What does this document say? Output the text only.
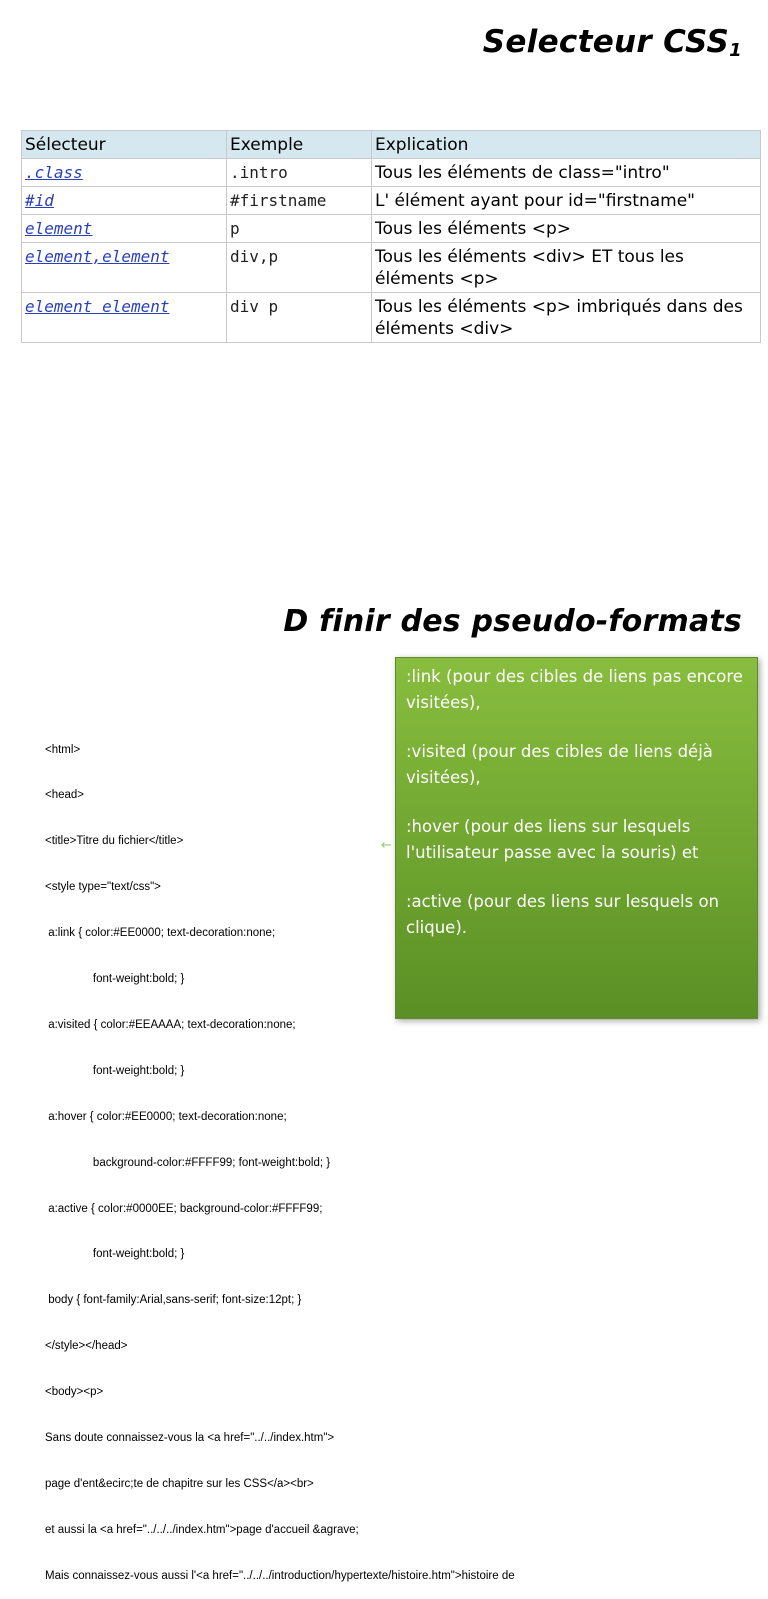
Selecteur $CSS_1$
Sélecteur	Exemple	Explication
.class	.intro	Tous les éléments de class="intro"
#id	#firstname	L' élément ayant pour id="firstname"
element	p	Tous les éléments <p>
element,element	div,p	Tous les éléments <div> ET tous les éléments <p>
element element	div p	Tous les éléments <p> imbriqués dans des éléments <div>
D finir des pseudo-formats

<html>

<head>

<title>Titre du fichier</title>

<style type="text/css">

a:link { color:#EE0000; text-decoration:none;

font-weight:bold; }

a:visited { color:#EEAAAA; text-decoration:none;

font-weight:bold; }

a:hover { color:#EE0000; text-decoration:none;

background-color:#FFFF99; font-weight:bold; }

a:active { color:#0000EE; background-color:#FFFF99;

font-weight:bold; }

body { font-family:Arial,sans-serif; font-size:12pt; }

</style></head>

<body><p>

Sans doute connaissez-vous la <a href="../../index.htm">

page d'ent&ecirc;te de chapitre sur les CSS</a><br>

et aussi la <a href="../../../index.htm">page d'accueil &agrave;

Mais connaissez-vous aussi l'<a href="../../../introduction/hypertexte/histoire.htm">histoire de

←

:link (pour des cibles de liens pas encore visitées),

:visited (pour des cibles de liens déjà visitées),

:hover (pour des liens sur lesquels l'utilisateur passe avec la souris) et

:active (pour des liens sur lesquels on clique).
